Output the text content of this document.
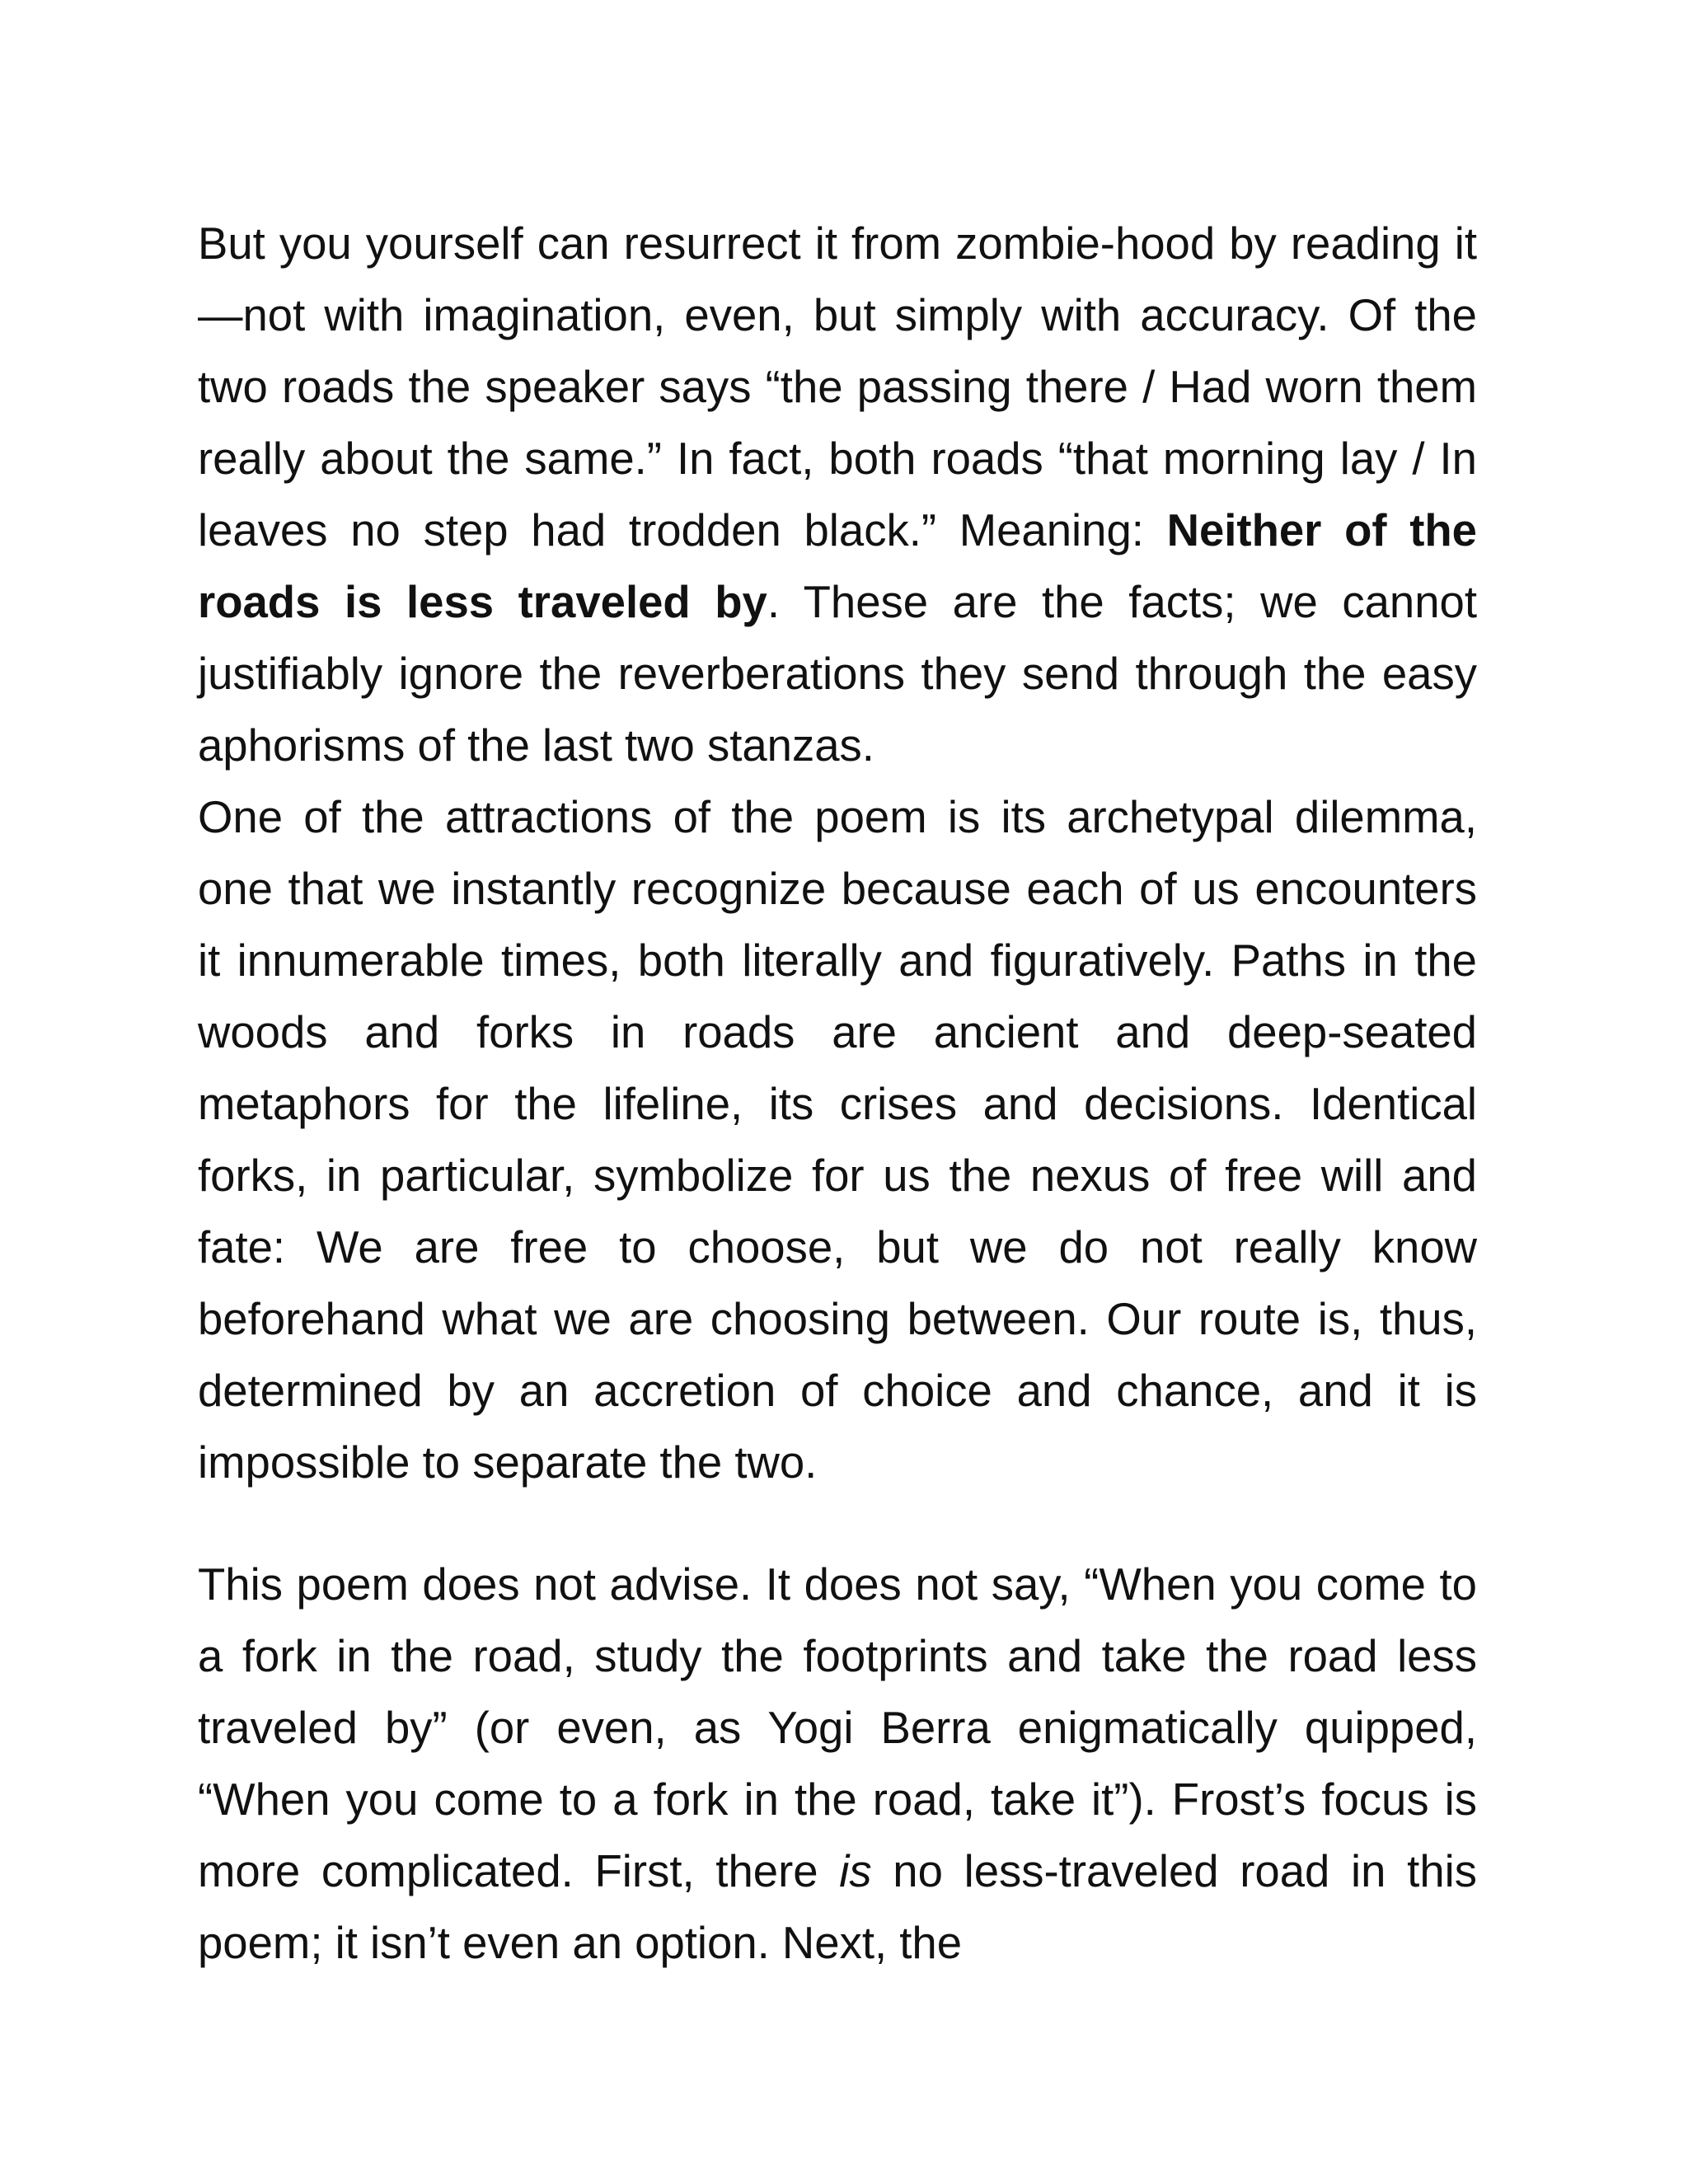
But you yourself can resurrect it from zombie-hood by reading it—not with imagination, even, but simply with accuracy. Of the two roads the speaker says “the passing there / Had worn them really about the same.” In fact, both roads “that morning lay / In leaves no step had trodden black.” Meaning: Neither of the roads is less traveled by. These are the facts; we cannot justifiably ignore the reverberations they send through the easy aphorisms of the last two stanzas.

One of the attractions of the poem is its archetypal dilemma, one that we instantly recognize because each of us encounters it innumerable times, both literally and figuratively. Paths in the woods and forks in roads are ancient and deep-seated metaphors for the lifeline, its crises and decisions. Identical forks, in particular, symbolize for us the nexus of free will and fate: We are free to choose, but we do not really know beforehand what we are choosing between. Our route is, thus, determined by an accretion of choice and chance, and it is impossible to separate the two.

This poem does not advise. It does not say, “When you come to a fork in the road, study the footprints and take the road less traveled by” (or even, as Yogi Berra enigmatically quipped, “When you come to a fork in the road, take it”). Frost’s focus is more complicated. First, there is no less-traveled road in this poem; it isn’t even an option. Next, the
